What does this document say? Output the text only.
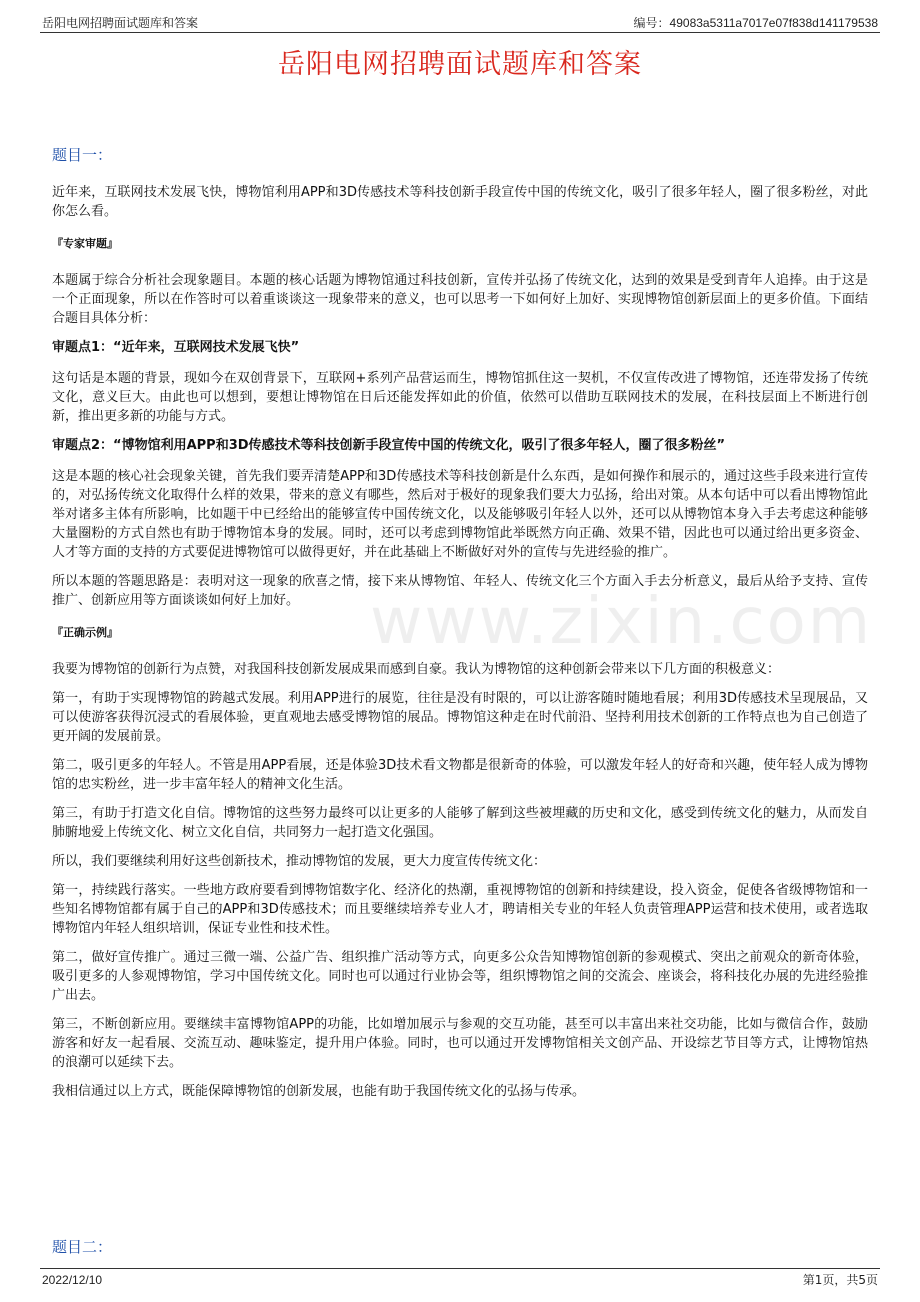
岳阳电网招聘面试题库和答案	编号：49083a5311a7017e07f838d141179538
岳阳电网招聘面试题库和答案
www.zixin.com
题目一：

近年来，互联网技术发展飞快，博物馆利用APP和3D传感技术等科技创新手段宣传中国的传统文化，吸引了很多年轻人，圈了很多粉丝，对此你怎么看。

『专家审题』

本题属于综合分析社会现象题目。本题的核心话题为博物馆通过科技创新，宣传并弘扬了传统文化，达到的效果是受到青年人追捧。由于这是一个正面现象，所以在作答时可以着重谈谈这一现象带来的意义，也可以思考一下如何好上加好、实现博物馆创新层面上的更多价值。下面结合题目具体分析：

审题点1：“近年来，互联网技术发展飞快”

这句话是本题的背景，现如今在双创背景下，互联网+系列产品营运而生，博物馆抓住这一契机，不仅宣传改进了博物馆，还连带发扬了传统文化，意义巨大。由此也可以想到，要想让博物馆在日后还能发挥如此的价值，依然可以借助互联网技术的发展，在科技层面上不断进行创新，推出更多新的功能与方式。

审题点2：“博物馆利用APP和3D传感技术等科技创新手段宣传中国的传统文化，吸引了很多年轻人，圈了很多粉丝”

这是本题的核心社会现象关键，首先我们要弄清楚APP和3D传感技术等科技创新是什么东西，是如何操作和展示的，通过这些手段来进行宣传的，对弘扬传统文化取得什么样的效果，带来的意义有哪些，然后对于极好的现象我们要大力弘扬，给出对策。从本句话中可以看出博物馆此举对诸多主体有所影响，比如题干中已经给出的能够宣传中国传统文化，以及能够吸引年轻人以外，还可以从博物馆本身入手去考虑这种能够大量圈粉的方式自然也有助于博物馆本身的发展。同时，还可以考虑到博物馆此举既然方向正确、效果不错，因此也可以通过给出更多资金、人才等方面的支持的方式要促进博物馆可以做得更好，并在此基础上不断做好对外的宣传与先进经验的推广。

所以本题的答题思路是：表明对这一现象的欣喜之情，接下来从博物馆、年轻人、传统文化三个方面入手去分析意义，最后从给予支持、宣传推广、创新应用等方面谈谈如何好上加好。

『正确示例』

我要为博物馆的创新行为点赞，对我国科技创新发展成果而感到自豪。我认为博物馆的这种创新会带来以下几方面的积极意义：

第一，有助于实现博物馆的跨越式发展。利用APP进行的展览，往往是没有时限的，可以让游客随时随地看展；利用3D传感技术呈现展品，又可以使游客获得沉浸式的看展体验，更直观地去感受博物馆的展品。博物馆这种走在时代前沿、坚持利用技术创新的工作特点也为自己创造了更开阔的发展前景。

第二，吸引更多的年轻人。不管是用APP看展，还是体验3D技术看文物都是很新奇的体验，可以激发年轻人的好奇和兴趣，使年轻人成为博物馆的忠实粉丝，进一步丰富年轻人的精神文化生活。

第三，有助于打造文化自信。博物馆的这些努力最终可以让更多的人能够了解到这些被埋藏的历史和文化，感受到传统文化的魅力，从而发自肺腑地爱上传统文化、树立文化自信，共同努力一起打造文化强国。

所以，我们要继续利用好这些创新技术，推动博物馆的发展，更大力度宣传传统文化：

第一，持续践行落实。一些地方政府要看到博物馆数字化、经济化的热潮，重视博物馆的创新和持续建设，投入资金，促使各省级博物馆和一些知名博物馆都有属于自己的APP和3D传感技术；而且要继续培养专业人才，聘请相关专业的年轻人负责管理APP运营和技术使用，或者选取博物馆内年轻人组织培训，保证专业性和技术性。

第二，做好宣传推广。通过三微一端、公益广告、组织推广活动等方式，向更多公众告知博物馆创新的参观模式、突出之前观众的新奇体验，吸引更多的人参观博物馆，学习中国传统文化。同时也可以通过行业协会等，组织博物馆之间的交流会、座谈会，将科技化办展的先进经验推广出去。

第三，不断创新应用。要继续丰富博物馆APP的功能，比如增加展示与参观的交互功能，甚至可以丰富出来社交功能，比如与微信合作，鼓励游客和好友一起看展、交流互动、趣味鉴定，提升用户体验。同时，也可以通过开发博物馆相关文创产品、开设综艺节目等方式，让博物馆热的浪潮可以延续下去。

我相信通过以上方式，既能保障博物馆的创新发展，也能有助于我国传统文化的弘扬与传承。

题目二：
2022/12/10	第1页，共5页
